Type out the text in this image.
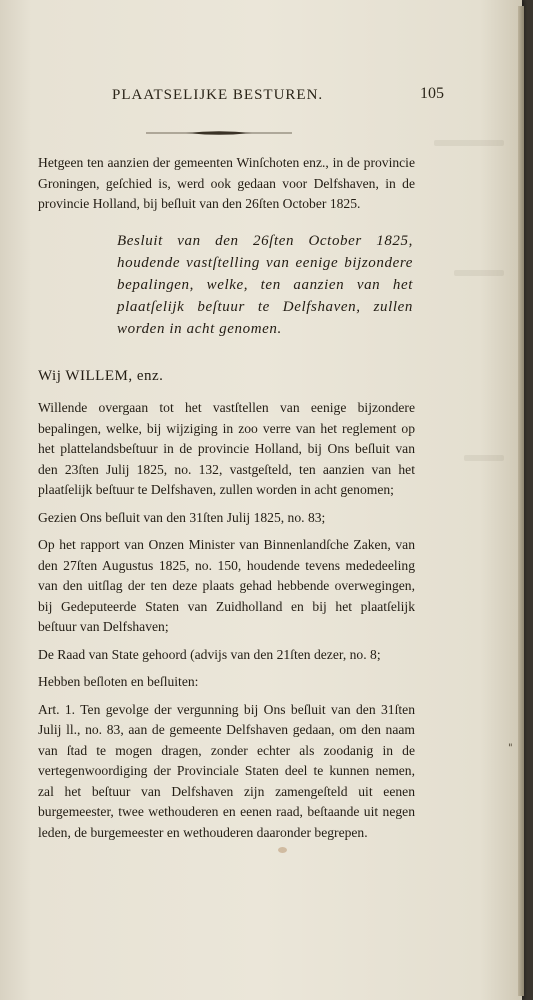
PLAATSELIJKE BESTUREN.	105

Hetgeen ten aanzien der gemeenten Winſchoten enz., in de provincie Groningen, geſchied is, werd ook gedaan voor Delfshaven, in de provincie Holland, bij beſluit van den 26ſten October 1825.

Besluit van den 26ſten October 1825, houdende vastſtelling van eenige bijzondere bepalingen, welke, ten aanzien van het plaatſelijk beſtuur te Delfshaven, zullen worden in acht genomen.

Wij WILLEM, enz.

Willende overgaan tot het vastſtellen van eenige bijzondere bepalingen, welke, bij wijziging in zoo verre van het reglement op het plattelandsbeſtuur in de provincie Holland, bij Ons beſluit van den 23ſten Julij 1825, no. 132, vastgeſteld, ten aanzien van het plaatſelijk beſtuur te Delfshaven, zullen worden in acht genomen;

Gezien Ons beſluit van den 31ſten Julij 1825, no. 83;

Op het rapport van Onzen Minister van Binnenlandſche Zaken, van den 27ſten Augustus 1825, no. 150, houdende tevens mededeeling van den uitſlag der ten deze plaats gehad hebbende overwegingen, bij Gedeputeerde Staten van Zuidholland en bij het plaatſelijk beſtuur van Delfshaven;

De Raad van State gehoord (advijs van den 21ſten dezer, no. 8;

Hebben beſloten en beſluiten:

Art. 1. Ten gevolge der vergunning bij Ons beſluit van den 31ſten Julij ll., no. 83, aan de gemeente Delfshaven gedaan, om den naam van ſtad te mogen dragen, zonder echter als zoodanig in de vertegenwoordiging der Provinciale Staten deel te kunnen nemen, zal het beſtuur van Delfshaven zijn zamengeſteld uit eenen burgemeester, twee wethouderen en eenen raad, beſtaande uit negen leden, de burgemeester en wethouderen daaronder begrepen.

"
